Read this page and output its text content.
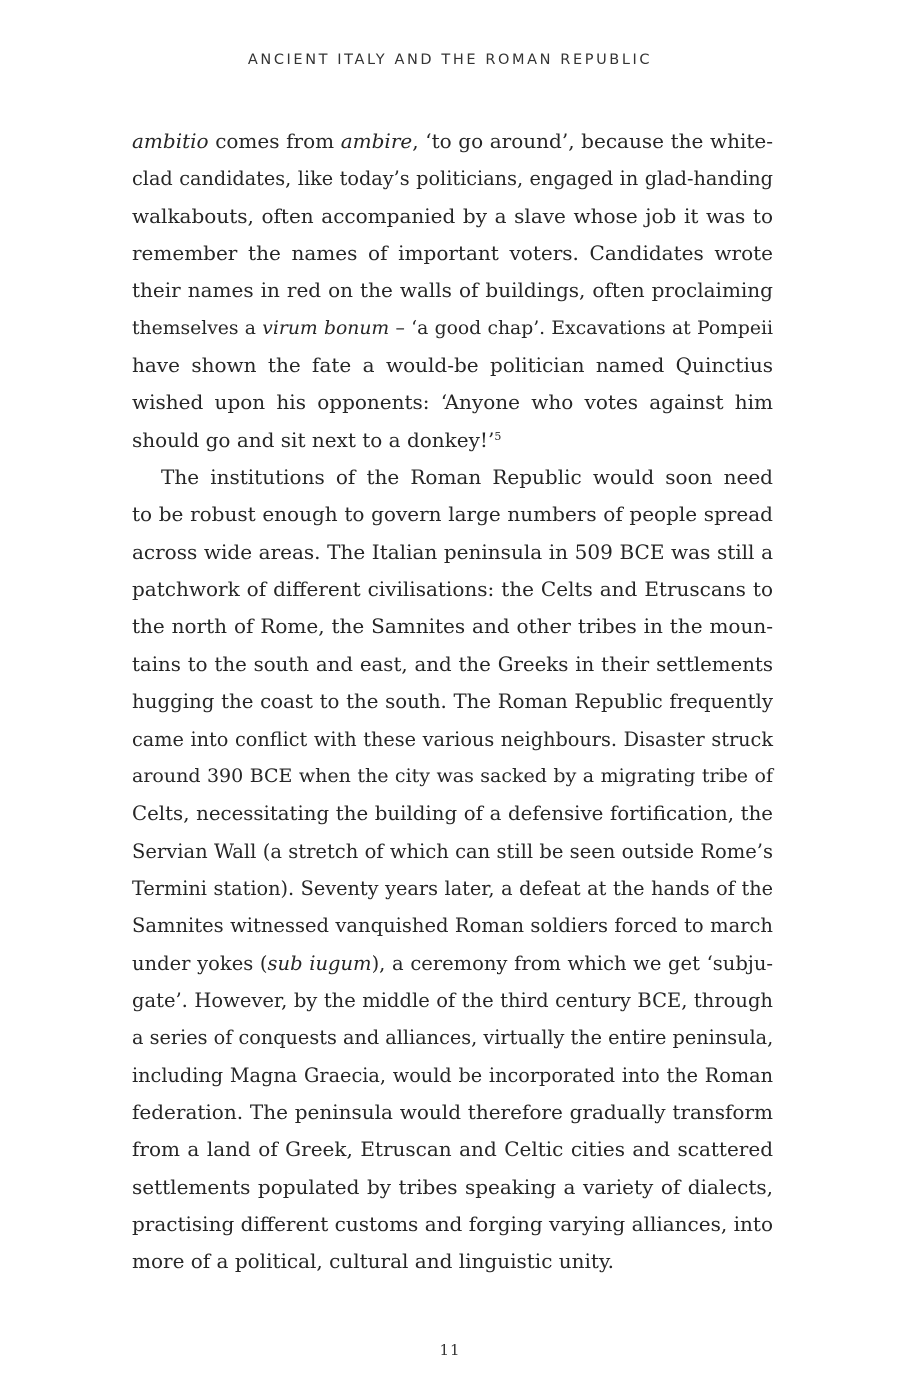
ANCIENT ITALY AND THE ROMAN REPUBLIC
ambitio comes from ambire, ‘to go around’, because the white-
clad candidates, like today’s politicians, engaged in glad-handing
walkabouts, often accompanied by a slave whose job it was to
remember the names of important voters. Candidates wrote
their names in red on the walls of buildings, often proclaiming
themselves a virum bonum – ‘a good chap’. Excavations at Pompeii
have shown the fate a would-be politician named Quinctius
wished upon his opponents: ‘Anyone who votes against him
should go and sit next to a donkey!’$^5$
The institutions of the Roman Republic would soon need
to be robust enough to govern large numbers of people spread
across wide areas. The Italian peninsula in 509 BCE was still a
patchwork of different civilisations: the Celts and Etruscans to
the north of Rome, the Samnites and other tribes in the moun-
tains to the south and east, and the Greeks in their settlements
hugging the coast to the south. The Roman Republic frequently
came into conflict with these various neighbours. Disaster struck
around 390 BCE when the city was sacked by a migrating tribe of
Celts, necessitating the building of a defensive fortification, the
Servian Wall (a stretch of which can still be seen outside Rome’s
Termini station). Seventy years later, a defeat at the hands of the
Samnites witnessed vanquished Roman soldiers forced to march
under yokes (sub iugum), a ceremony from which we get ‘subju-
gate’. However, by the middle of the third century BCE, through
a series of conquests and alliances, virtually the entire peninsula,
including Magna Graecia, would be incorporated into the Roman
federation. The peninsula would therefore gradually transform
from a land of Greek, Etruscan and Celtic cities and scattered
settlements populated by tribes speaking a variety of dialects,
practising different customs and forging varying alliances, into
more of a political, cultural and linguistic unity.
11
